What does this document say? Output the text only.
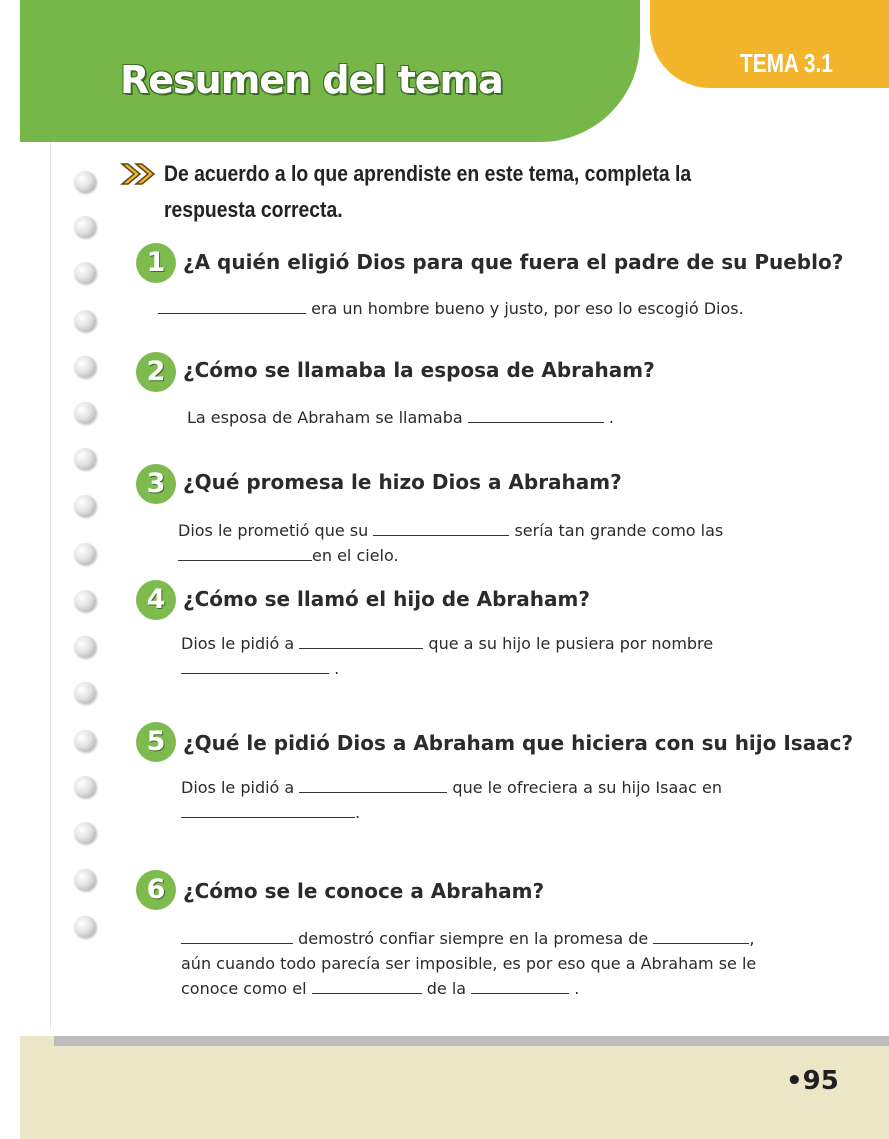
Resumen del tema	TEMA 3.1

De acuerdo a lo que aprendiste en este tema, completa la respuesta correcta.

1 ¿A quién eligió Dios para que fuera el padre de su Pueblo?

era un hombre bueno y justo, por eso lo escogió Dios.

2 ¿Cómo se llamaba la esposa de Abraham?

La esposa de Abraham se llamaba	.

3 ¿Qué promesa le hizo Dios a Abraham?

Dios le prometió que su	sería tan grande como las
en el cielo.

4 ¿Cómo se llamó el hijo de Abraham?

Dios le pidió a	que a su hijo le pusiera por nombre
.

5 ¿Qué le pidió Dios a Abraham que hiciera con su hijo Isaac?

Dios le pidió a	que le ofreciera a su hijo Isaac en
.

6 ¿Cómo se le conoce a Abraham?

demostró confiar siempre en la promesa de	,
aún cuando todo parecía ser imposible, es por eso que a Abraham se le
conoce como el	de la	.

•95
